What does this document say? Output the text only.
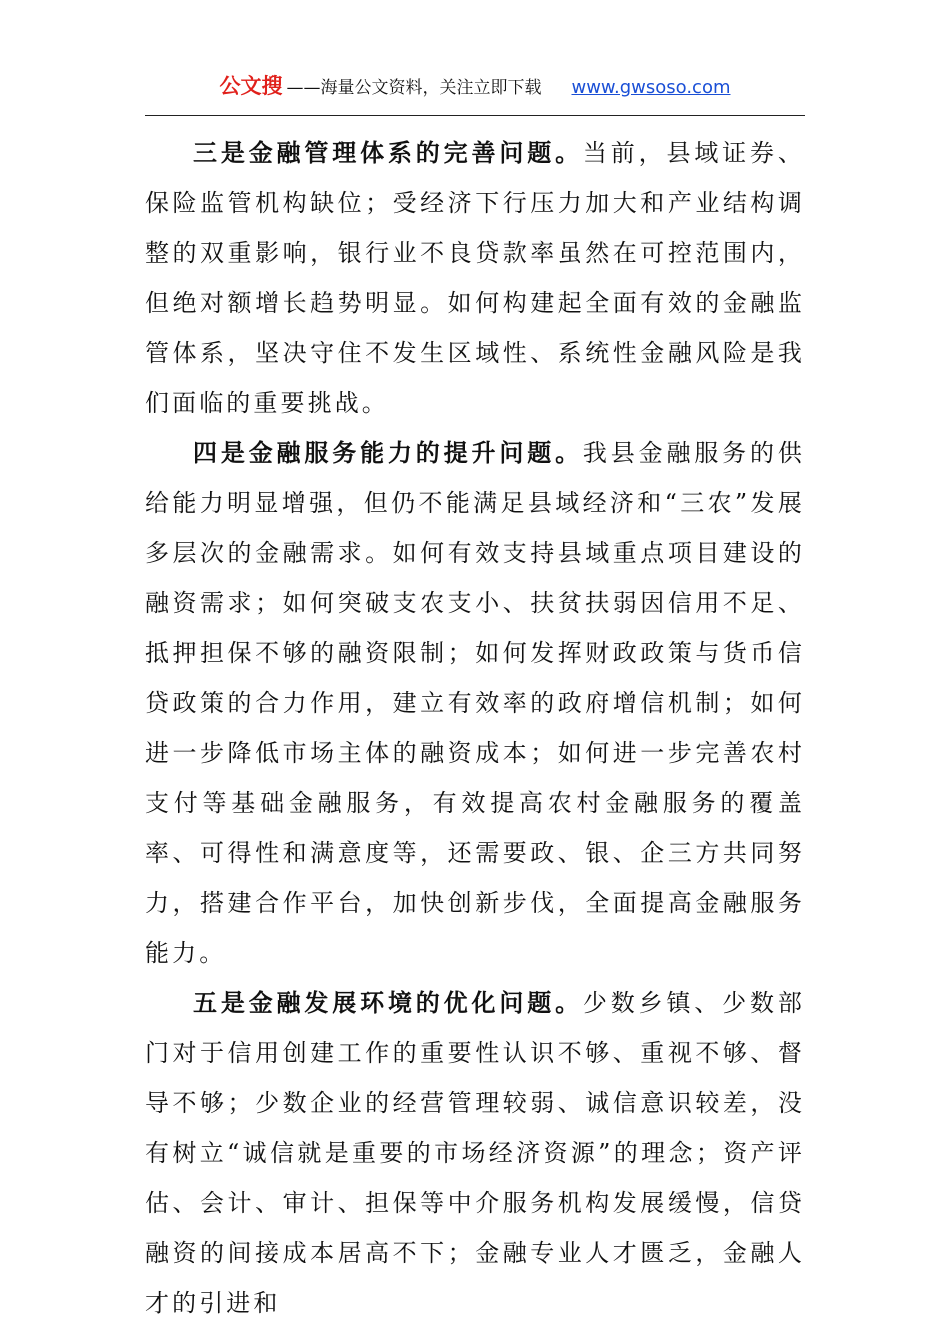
公文搜 ——海量公文资料，关注立即下载 www.gwsoso.com

三是金融管理体系的完善问题。当前，县域证券、保险监管机构缺位；受经济下行压力加大和产业结构调整的双重影响，银行业不良贷款率虽然在可控范围内，但绝对额增长趋势明显。如何构建起全面有效的金融监管体系，坚决守住不发生区域性、系统性金融风险是我们面临的重要挑战。

四是金融服务能力的提升问题。我县金融服务的供给能力明显增强，但仍不能满足县域经济和“三农”发展多层次的金融需求。如何有效支持县域重点项目建设的融资需求；如何突破支农支小、扶贫扶弱因信用不足、抵押担保不够的融资限制；如何发挥财政政策与货币信贷政策的合力作用，建立有效率的政府增信机制；如何进一步降低市场主体的融资成本；如何进一步完善农村支付等基础金融服务，有效提高农村金融服务的覆盖率、可得性和满意度等，还需要政、银、企三方共同努力，搭建合作平台，加快创新步伐，全面提高金融服务能力。

五是金融发展环境的优化问题。少数乡镇、少数部门对于信用创建工作的重要性认识不够、重视不够、督导不够；少数企业的经营管理较弱、诚信意识较差，没有树立“诚信就是重要的市场经济资源”的理念；资产评估、会计、审计、担保等中介服务机构发展缓慢，信贷融资的间接成本居高不下；金融专业人才匮乏，金融人才的引进和
